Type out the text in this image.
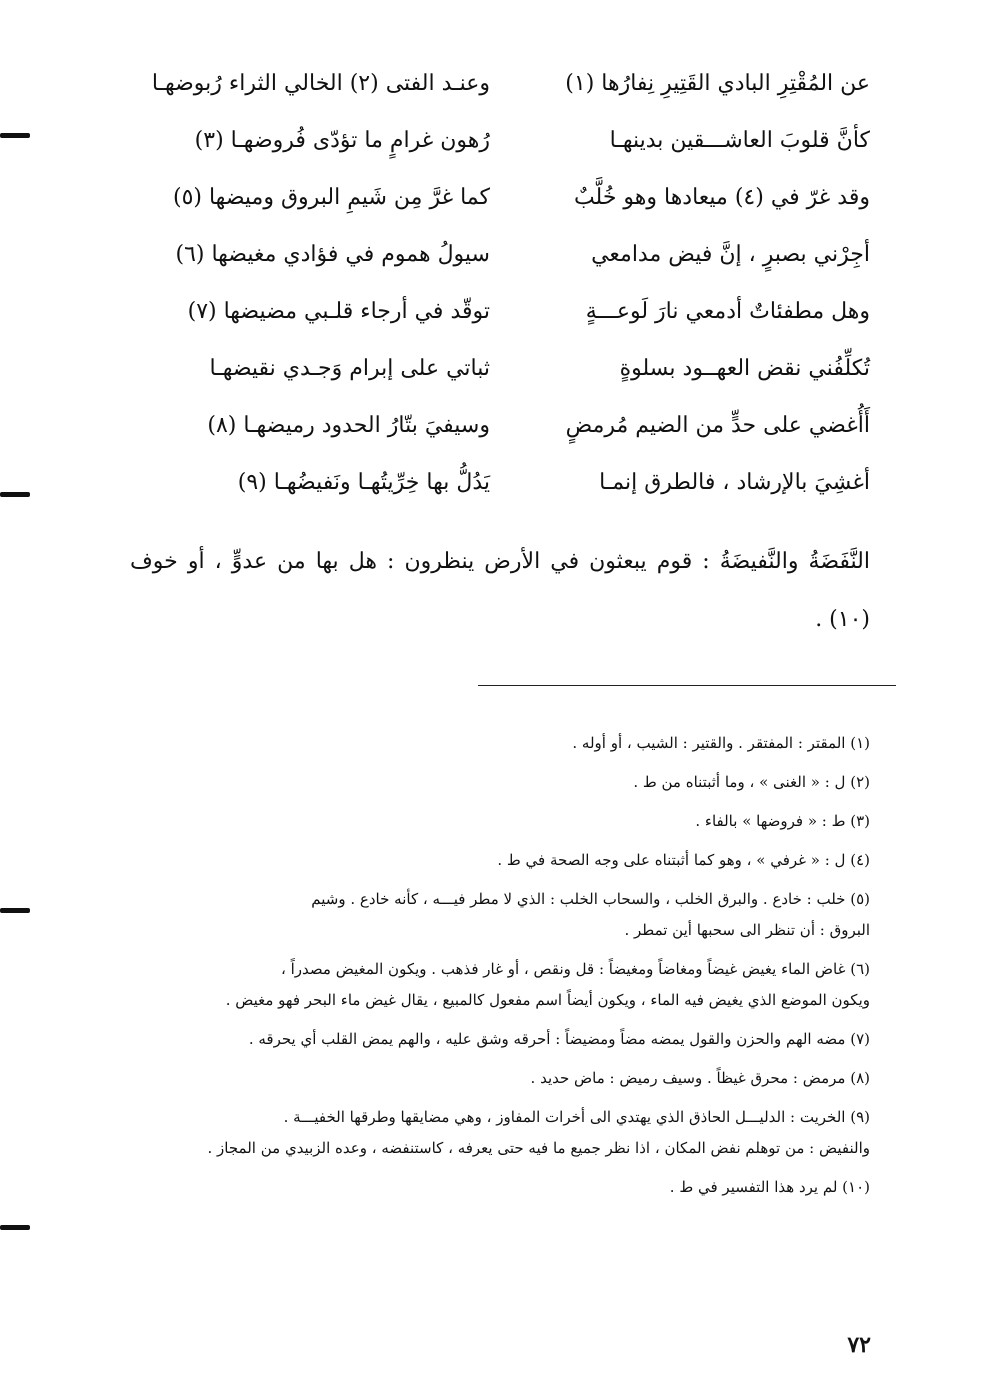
عن المُقْتِرِ البادي القَتِيرِ نِفارُها (١)
وعنـد الفتى (٢) الخالي الثراء رُبوضهـا
كأنَّ قلوبَ العاشـــقين بدينهـا
رُهون غرامٍ ما تؤدّى فُروضهـا (٣)
وقد غرّ في (٤) ميعادها وهو خُلَّبٌ
كما غرَّ مِن شَيمِ البروق وميضها (٥)
أجِرْني بصبرٍ ، إنَّ فيض مدامعي
سيولُ هموم في فؤادي مغيضها (٦)
وهل مطفئاتٌ أدمعي نارَ لَوعـــةٍ
توقّد في أرجاء قلـبي مضيضها (٧)
تُكلِّفُني نقض العهــود بسلوةٍ
ثباتي على إبرام وَجـدي نقيضهـا
أَأُغضي على حدٍّ من الضيم مُرمضٍ
وسيفيَ بتّارُ الحدود رميضهـا (٨)
أغشِيَ بالإرشاد ، فالطرق إنمـا
يَدُلُّ بها خِرِّيتُهـا ونَفيضُهـا (٩)
النَّفَضَةُ والنَّفيضَةُ : قوم يبعثون في الأرض ينظرون : هل بها من عدوٍّ ، أو خوف (١٠) .
(١) المقتر : المفتقر . والقتير : الشيب ، أو أوله .
(٢) ل : « الغنى » ، وما أثبتناه من ط .
(٣) ط : « فروضها » بالفاء .
(٤) ل : « غرفي » ، وهو كما أثبتناه على وجه الصحة في ط .
(٥) خلب : خادع . والبرق الخلب ، والسحاب الخلب : الذي لا مطر فيـــه ، كأنه خادع . وشيم
البروق : أن تنظر الى سحبها أين تمطر .
(٦) غاض الماء يغيض غيضاً ومغاضاً ومغيضاً : قل ونقص ، أو غار فذهب . ويكون المغيض مصدراً ،
ويكون الموضع الذي يغيض فيه الماء ، ويكون أيضاً اسم مفعول كالمبيع ، يقال غيض ماء البحر فهو مغيض .
(٧) مضه الهم والحزن والقول يمضه مضاً ومضيضاً : أحرقه وشق عليه ، والهم يمض القلب أي يحرقه .
(٨) مرمض : محرق غيظاً . وسيف رميض : ماض حديد .
(٩) الخريت : الدليـــل الحاذق الذي يهتدي الى أخرات المفاوز ، وهي مضايقها وطرقها الخفيـــة .
والنفيض : من توهلم نفض المكان ، اذا نظر جميع ما فيه حتى يعرفه ، كاستنفضه ، وعده الزبيدي من المجاز .
(١٠) لم يرد هذا التفسير في ط .
٧٢
